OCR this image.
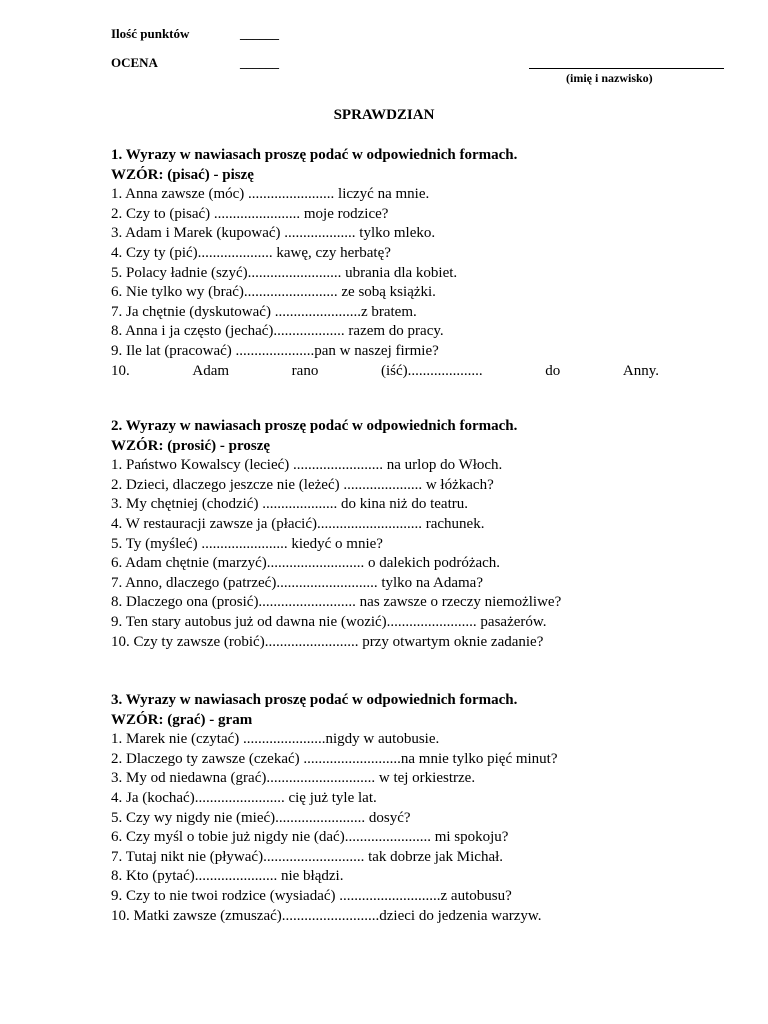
Ilość punktów	______
OCENA	______
(imię i nazwisko)
SPRAWDZIAN
1. Wyrazy w nawiasach proszę podać w odpowiednich formach.
WZÓR: (pisać) - piszę
1. Anna zawsze (móc) ....................... liczyć na mnie.
2. Czy to (pisać) ....................... moje rodzice?
3. Adam i Marek (kupować) ................... tylko mleko.
4. Czy ty (pić).................... kawę, czy herbatę?
5. Polacy ładnie (szyć)......................... ubrania dla kobiet.
6. Nie tylko wy (brać)......................... ze sobą książki.
7. Ja chętnie (dyskutować) .......................z bratem.
8. Anna i ja często (jechać)................... razem do pracy.
9. Ile lat (pracować) .....................pan w naszej firmie?
10.	Adam	rano	(iść)....................	do	Anny.
2. Wyrazy w nawiasach proszę podać w odpowiednich formach.
WZÓR: (prosić) - proszę
1. Państwo Kowalscy (lecieć) ........................ na urlop do Włoch.
2. Dzieci, dlaczego jeszcze nie (leżeć) ..................... w łóżkach?
3. My chętniej (chodzić) .................... do kina niż do teatru.
4. W restauracji zawsze ja (płacić)............................ rachunek.
5. Ty (myśleć) ....................... kiedyć o mnie?
6. Adam chętnie (marzyć).......................... o dalekich podróżach.
7. Anno, dlaczego (patrzeć)........................... tylko na Adama?
8. Dlaczego ona (prosić).......................... nas zawsze o rzeczy niemożliwe?
9. Ten stary autobus już od dawna nie (wozić)........................ pasażerów.
10. Czy ty zawsze (robić)......................... przy otwartym oknie zadanie?
3. Wyrazy w nawiasach proszę podać w odpowiednich formach.
WZÓR: (grać) - gram
1. Marek nie (czytać) ......................nigdy w autobusie.
2. Dlaczego ty zawsze (czekać) ..........................na mnie tylko pięć minut?
3. My od niedawna (grać)............................. w tej orkiestrze.
4. Ja (kochać)........................ cię już tyle lat.
5. Czy wy nigdy nie (mieć)........................ dosyć?
6. Czy myśl o tobie już nigdy nie (dać)....................... mi spokoju?
7. Tutaj nikt nie (pływać)........................... tak dobrze jak Michał.
8. Kto (pytać)...................... nie błądzi.
9. Czy to nie twoi rodzice (wysiadać) ...........................z autobusu?
10. Matki zawsze (zmuszać)..........................dzieci do jedzenia warzyw.
